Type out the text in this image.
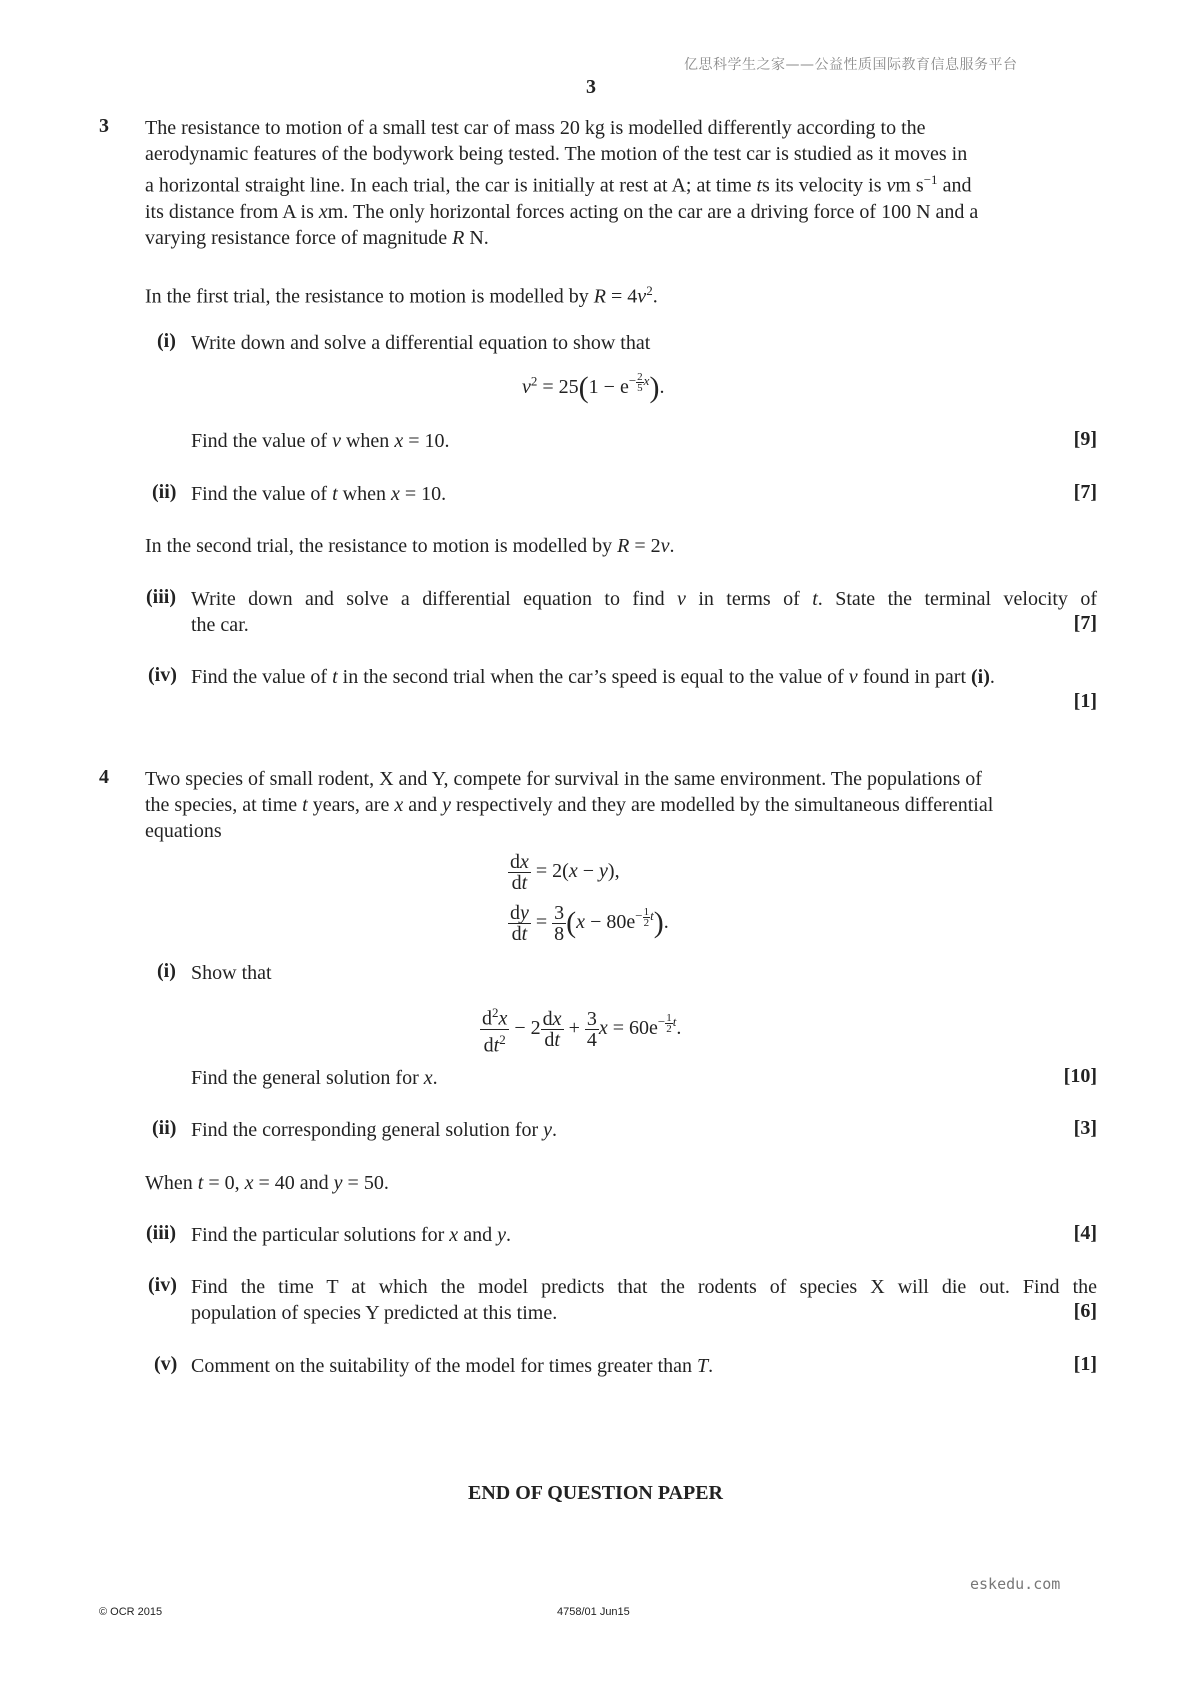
亿思科学生之家——公益性质国际教育信息服务平台
3
3 The resistance to motion of a small test car of mass 20 kg is modelled differently according to the
aerodynamic features of the bodywork being tested. The motion of the test car is studied as it moves in
a horizontal straight line. In each trial, the car is initially at rest at A; at time ts its velocity is vm $s^{-1}$ and
its distance from A is xm. The only horizontal forces acting on the car are a driving force of 100 N and a
varying resistance force of magnitude R N.
In the first trial, the resistance to motion is modelled by $R = 4v^2$.
(i) Write down and solve a differential equation to show that
$v^2 = 25(1 - e^{- \frac{2}{5} x})$.
Find the value of v when x = 10.	[9]
(ii) Find the value of t when x = 10.	[7]
In the second trial, the resistance to motion is modelled by R = 2v.
(iii) Write down and solve a differential equation to find v in terms of t. State the terminal velocity of
the car.	[7]
(iv) Find the value of t in the second trial when the car’s speed is equal to the value of v found in part (i).
[1]
4 Two species of small rodent, X and Y, compete for survival in the same environment. The populations of
the species, at time t years, are x and y respectively and they are modelled by the simultaneous differential
equations
$\frac{dx}{dt} = 2(x - y)$,
$\frac{dy}{dt} = \frac{3}{8} (x - 80e^{- \frac{1}{2} t})$.
(i) Show that
$\frac{d^2x}{dt^2} - 2 \frac{dx}{dt} + \frac{3}{4}$ $x = 60e^{- \frac{1}{2} t}$.
Find the general solution for x.	[10]
(ii) Find the corresponding general solution for y.	[3]
When t = 0, x = 40 and y = 50.
(iii) Find the particular solutions for x and y.	[4]
(iv) Find the time T at which the model predicts that the rodents of species X will die out. Find the
population of species Y predicted at this time.	[6]
(v) Comment on the suitability of the model for times greater than T.	[1]
END OF QUESTION PAPER
eskedu.com
© OCR 2015	4758/01 Jun15
